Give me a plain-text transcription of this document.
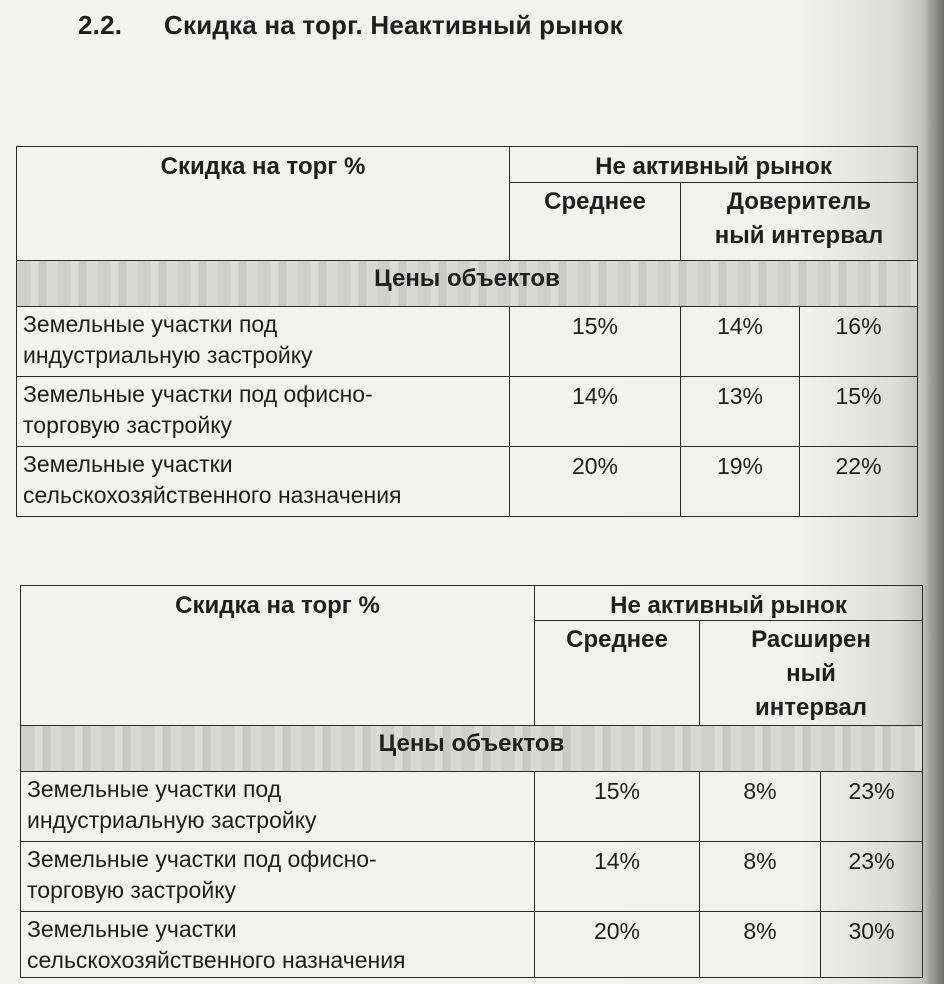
2.2. Скидка на торг. Неактивный рынок
Скидка на торг %	Не активный рынок		
	Среднее	Доверитель
ный интервал	
Цены объектов			
Земельные участки под
индустриальную застройку	15%	14%	16%
Земельные участки под офисно-
торговую застройку	14%	13%	15%
Земельные участки
сельскохозяйственного назначения	20%	19%	22%
Скидка на торг %	Не активный рынок		
	Среднее	Расширен
ный
интервал	
Цены объектов			
Земельные участки под
индустриальную застройку	15%	8%	23%
Земельные участки под офисно-
торговую застройку	14%	8%	23%
Земельные участки
сельскохозяйственного назначения	20%	8%	30%
